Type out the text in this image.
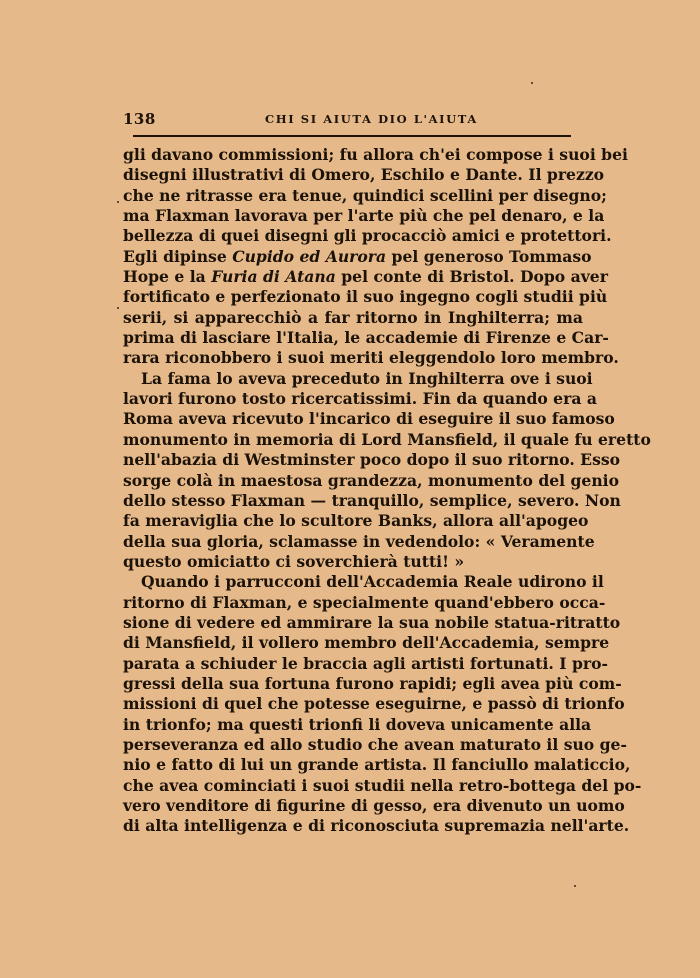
138	CHI SI AIUTA DIO L'AIUTA
gli davano commissioni; fu allora ch'ei compose i suoi bei
disegni illustrativi di Omero, Eschilo e Dante. Il prezzo
che ne ritrasse era tenue, quindici scellini per disegno;
ma Flaxman lavorava per l'arte più che pel denaro, e la
bellezza di quei disegni gli procacciò amici e protettori.
Egli dipinse Cupido ed Aurora pel generoso Tommaso
Hope e la Furia di Atana pel conte di Bristol. Dopo aver
fortificato e perfezionato il suo ingegno cogli studii più
serii, si apparecchiò a far ritorno in Inghilterra; ma
prima di lasciare l'Italia, le accademie di Firenze e Car-
rara riconobbero i suoi meriti eleggendolo loro membro.
La fama lo aveva preceduto in Inghilterra ove i suoi
lavori furono tosto ricercatissimi. Fin da quando era a
Roma aveva ricevuto l'incarico di eseguire il suo famoso
monumento in memoria di Lord Mansfield, il quale fu eretto
nell'abazia di Westminster poco dopo il suo ritorno. Esso
sorge colà in maestosa grandezza, monumento del genio
dello stesso Flaxman — tranquillo, semplice, severo. Non
fa meraviglia che lo scultore Banks, allora all'apogeo
della sua gloria, sclamasse in vedendolo: « Veramente
questo omiciatto ci soverchierà tutti! »
Quando i parrucconi dell'Accademia Reale udirono il
ritorno di Flaxman, e specialmente quand'ebbero occa-
sione di vedere ed ammirare la sua nobile statua-ritratto
di Mansfield, il vollero membro dell'Accademia, sempre
parata a schiuder le braccia agli artisti fortunati. I pro-
gressi della sua fortuna furono rapidi; egli avea più com-
missioni di quel che potesse eseguirne, e passò di trionfo
in trionfo; ma questi trionfi li doveva unicamente alla
perseveranza ed allo studio che avean maturato il suo ge-
nio e fatto di lui un grande artista. Il fanciullo malaticcio,
che avea cominciati i suoi studii nella retro-bottega del po-
vero venditore di figurine di gesso, era divenuto un uomo
di alta intelligenza e di riconosciuta supremazia nell'arte.
